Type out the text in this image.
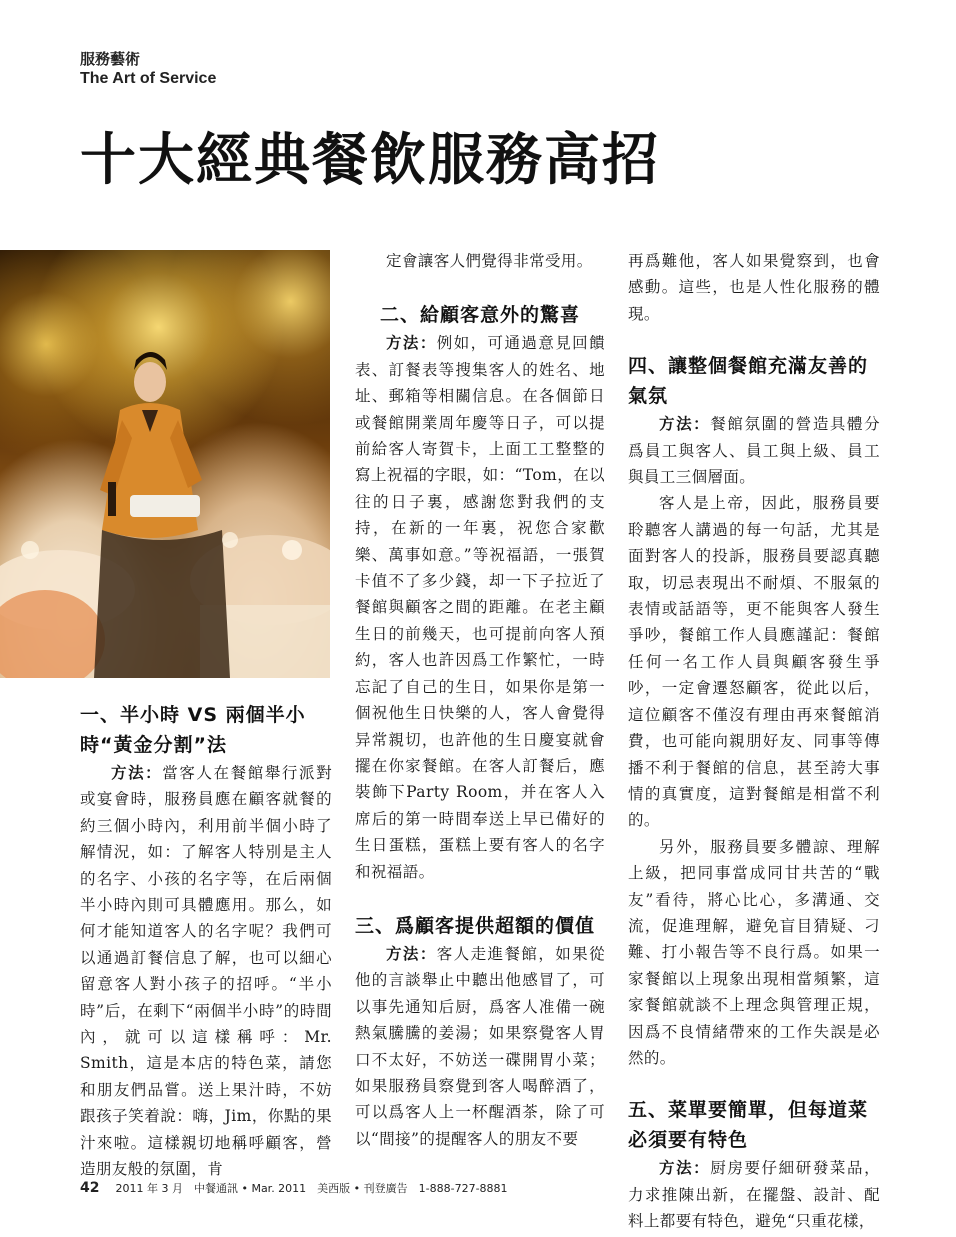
服務藝術
The Art of Service
十大經典餐飲服務高招
一、半小時 VS 兩個半小時“黃金分割”法

方法：當客人在餐館舉行派對或宴會時，服務員應在顧客就餐的約三個小時內，利用前半個小時了解情況，如：了解客人特別是主人的名字、小孩的名字等，在后兩個半小時內則可具體應用。那么，如何才能知道客人的名字呢？我們可以通過訂餐信息了解，也可以細心留意客人對小孩子的招呼。“半小時”后，在剩下“兩個半小時”的時間內，就可以這樣稱呼：Mr. Smith，這是本店的特色菜，請您和朋友們品嘗。送上果汁時，不妨跟孩子笑着說：嗨，Jim，你點的果汁來啦。這樣親切地稱呼顧客，營造朋友般的氛圍，肯

定會讓客人們覺得非常受用。

二、給顧客意外的驚喜

方法：例如，可通過意見回饋表、訂餐表等搜集客人的姓名、地址、郵箱等相關信息。在各個節日或餐館開業周年慶等日子，可以提前給客人寄賀卡，上面工工整整的寫上祝福的字眼，如：“Tom，在以往的日子裏，感謝您對我們的支持，在新的一年裏，祝您合家歡樂、萬事如意。”等祝福語，一張賀卡值不了多少錢，却一下子拉近了餐館與顧客之間的距離。在老主顧生日的前幾天，也可提前向客人預約，客人也許因爲工作繁忙，一時忘記了自己的生日，如果你是第一個祝他生日快樂的人，客人會覺得异常親切，也許他的生日慶宴就會擺在你家餐館。在客人訂餐后，應裝飾下Party Room，并在客人入席后的第一時間奉送上早已備好的生日蛋糕，蛋糕上要有客人的名字和祝福語。

三、爲顧客提供超額的價值

方法：客人走進餐館，如果從他的言談舉止中聽出他感冒了，可以事先通知后厨，爲客人准備一碗熱氣騰騰的姜湯；如果察覺客人胃口不太好，不妨送一碟開胃小菜；如果服務員察覺到客人喝醉酒了，可以爲客人上一杯醒酒茶，除了可以“間接”的提醒客人的朋友不要

再爲難他，客人如果覺察到，也會感動。這些，也是人性化服務的體現。

四、讓整個餐館充滿友善的氣氛

方法：餐館氛圍的營造具體分爲員工與客人、員工與上級、員工與員工三個層面。

客人是上帝，因此，服務員要聆聽客人講過的每一句話，尤其是面對客人的投訴，服務員要認真聽取，切忌表現出不耐煩、不服氣的表情或話語等，更不能與客人發生爭吵，餐館工作人員應謹記：餐館任何一名工作人員與顧客發生爭吵，一定會遷怒顧客，從此以后，這位顧客不僅沒有理由再來餐館消費，也可能向親朋好友、同事等傳播不利于餐館的信息，甚至誇大事情的真實度，這對餐館是相當不利的。

另外，服務員要多體諒、理解上級，把同事當成同甘共苦的“戰友”看待，將心比心，多溝通、交流，促進理解，避免盲目猜疑、刁難、打小報告等不良行爲。如果一家餐館以上現象出現相當頻繁，這家餐館就談不上理念與管理正規，因爲不良情緒帶來的工作失誤是必然的。

五、菜單要簡單，但每道菜必須要有特色

方法：厨房要仔細研發菜品，力求推陳出新，在擺盤、設計、配料上都要有特色，避免“只重花樣，

42 2011 年 3 月　中餐通訊 • Mar. 2011　美西版 • 刊登廣告　1-888-727-8881
